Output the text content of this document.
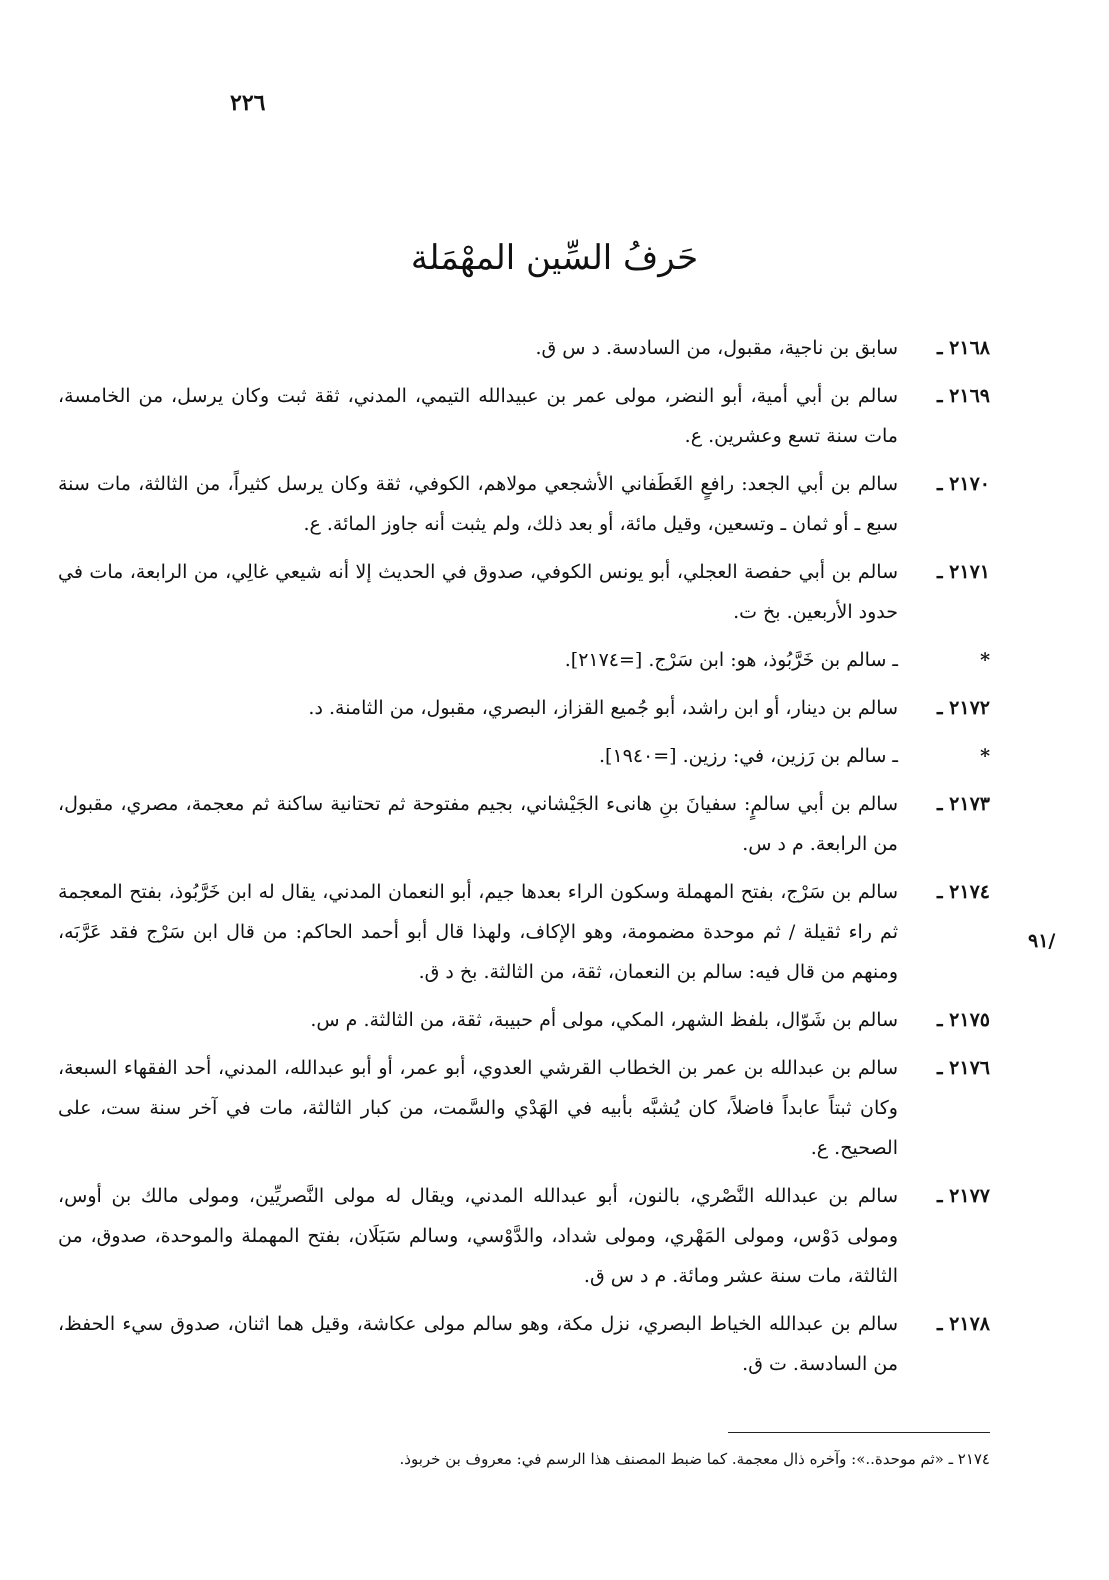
٢٢٦
حَرفُ السِّين المهْمَلة
٢١٦٨ ـ
سابق بن ناجية، مقبول، من السادسة. د س ق.
٢١٦٩ ـ
سالم بن أبي أمية، أبو النضر، مولى عمر بن عبيدالله التيمي، المدني، ثقة ثبت وكان يرسل، من الخامسة، مات سنة تسع وعشرين. ع.
٢١٧٠ ـ
سالم بن أبي الجعد: رافعٍ الغَطَفاني الأشجعي مولاهم، الكوفي، ثقة وكان يرسل كثيراً، من الثالثة، مات سنة سبع ـ أو ثمان ـ وتسعين، وقيل مائة، أو بعد ذلك، ولم يثبت أنه جاوز المائة. ع.
٢١٧١ ـ
سالم بن أبي حفصة العجلي، أبو يونس الكوفي، صدوق في الحديث إلا أنه شيعي غالِي، من الرابعة، مات في حدود الأربعين. بخ ت.
*
ـ سالم بن خَرَّبُوذ، هو: ابن سَرْج. [=٢١٧٤].
٢١٧٢ ـ
سالم بن دينار، أو ابن راشد، أبو جُميع القزاز، البصري، مقبول، من الثامنة. د.
*
ـ سالم بن رَزين، في: رزين. [=١٩٤٠].
٢١٧٣ ـ
سالم بن أبي سالمٍ: سفيانَ بنِ هانىء الجَيْشاني، بجيم مفتوحة ثم تحتانية ساكنة ثم معجمة، مصري، مقبول، من الرابعة. م د س.
٢١٧٤ ـ
سالم بن سَرْج، بفتح المهملة وسكون الراء بعدها جيم، أبو النعمان المدني، يقال له ابن خَرَّبُوذ، بفتح المعجمة ثم راء ثقيلة / ثم موحدة مضمومة، وهو الإكاف، ولهذا قال أبو أحمد الحاكم: من قال ابن سَرْج فقد عَرَّبَه، ومنهم من قال فيه: سالم بن النعمان، ثقة، من الثالثة. بخ د ق.
٢١٧٥ ـ
سالم بن شَوّال، بلفظ الشهر، المكي، مولى أم حبيبة، ثقة، من الثالثة. م س.
٢١٧٦ ـ
سالم بن عبدالله بن عمر بن الخطاب القرشي العدوي، أبو عمر، أو أبو عبدالله، المدني، أحد الفقهاء السبعة، وكان ثبتاً عابداً فاضلاً، كان يُشبَّه بأبيه في الهَدْي والسَّمت، من كبار الثالثة، مات في آخر سنة ست، على الصحيح. ع.
٢١٧٧ ـ
سالم بن عبدالله النَّصْري، بالنون، أبو عبدالله المدني، ويقال له مولى النَّصريِّين، ومولى مالك بن أوس، ومولى دَوْس، ومولى المَهْري، ومولى شداد، والدَّوْسي، وسالم سَبَلَان، بفتح المهملة والموحدة، صدوق، من الثالثة، مات سنة عشر ومائة. م د س ق.
٢١٧٨ ـ
سالم بن عبدالله الخياط البصري، نزل مكة، وهو سالم مولى عكاشة، وقيل هما اثنان، صدوق سيء الحفظ، من السادسة. ت ق.
/٩١
٢١٧٤ ـ «ثم موحدة..»: وآخره ذال معجمة. كما ضبط المصنف هذا الرسم في: معروف بن خربوذ.
